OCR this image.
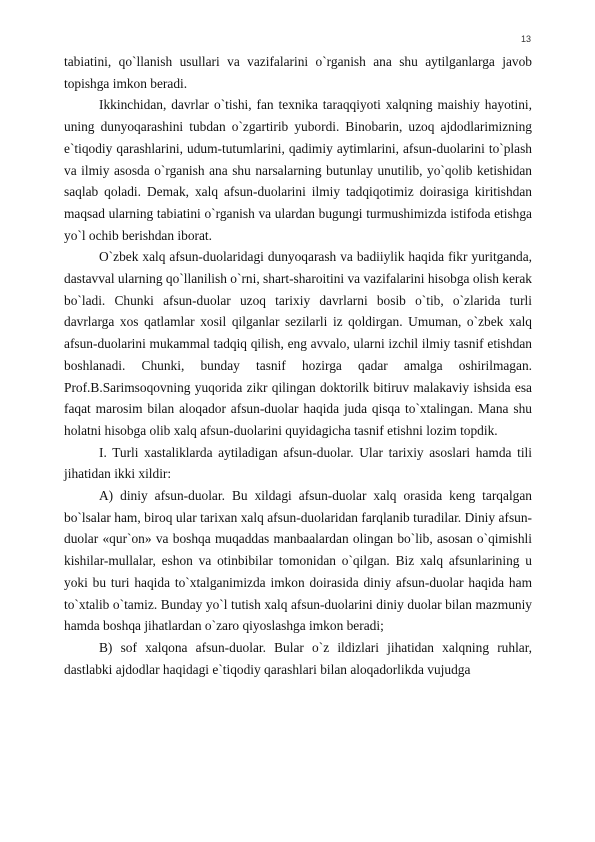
13

tabiatini, qo`llanish usullari va vazifalarini o`rganish ana shu aytilganlarga javob topishga imkon beradi.

Ikkinchidan, davrlar o`tishi, fan texnika taraqqiyoti xalqning maishiy hayotini, uning dunyoqarashini tubdan o`zgartirib yubordi. Binobarin, uzoq ajdodlarimizning e`tiqodiy qarashlarini, udum-tutumlarini, qadimiy aytimlarini, afsun-duolarini to`plash va ilmiy asosda o`rganish ana shu narsalarning butunlay unutilib, yo`qolib ketishidan saqlab qoladi. Demak, xalq afsun-duolarini ilmiy tadqiqotimiz doirasiga kiritishdan maqsad ularning tabiatini o`rganish va ulardan bugungi turmushimizda istifoda etishga yo`l ochib berishdan iborat.

O`zbek xalq afsun-duolaridagi dunyoqarash va badiiylik haqida fikr yuritganda, dastavval ularning qo`llanilish o`rni, shart-sharoitini va vazifalarini hisobga olish kerak bo`ladi. Chunki afsun-duolar uzoq tarixiy davrlarni bosib o`tib, o`zlarida turli davrlarga xos qatlamlar xosil qilganlar sezilarli iz qoldirgan. Umuman, o`zbek xalq afsun-duolarini mukammal tadqiq qilish, eng avvalo, ularni izchil ilmiy tasnif etishdan boshlanadi. Chunki, bunday tasnif hozirga qadar amalga oshirilmagan. Prof.B.Sarimsoqovning yuqorida zikr qilingan doktorilk bitiruv malakaviy ishsida esa faqat marosim bilan aloqador afsun-duolar haqida juda qisqa to`xtalingan. Mana shu holatni hisobga olib xalq afsun-duolarini quyidagicha tasnif etishni lozim topdik.

I. Turli xastaliklarda aytiladigan afsun-duolar. Ular tarixiy asoslari hamda tili jihatidan ikki xildir:

A) diniy afsun-duolar. Bu xildagi afsun-duolar xalq orasida keng tarqalgan bo`lsalar ham, biroq ular tarixan xalq afsun-duolaridan farqlanib turadilar. Diniy afsun-duolar «qur`on» va boshqa muqaddas manbaalardan olingan bo`lib, asosan o`qimishli kishilar-mullalar, eshon va otinbibilar tomonidan o`qilgan. Biz xalq afsunlarining u yoki bu turi haqida to`xtalganimizda imkon doirasida diniy afsun-duolar haqida ham to`xtalib o`tamiz. Bunday yo`l tutish xalq afsun-duolarini diniy duolar bilan mazmuniy hamda boshqa jihatlardan o`zaro qiyoslashga imkon beradi;

B) sof xalqona afsun-duolar. Bular o`z ildizlari jihatidan xalqning ruhlar, dastlabki ajdodlar haqidagi e`tiqodiy qarashlari bilan aloqadorlikda vujudga
